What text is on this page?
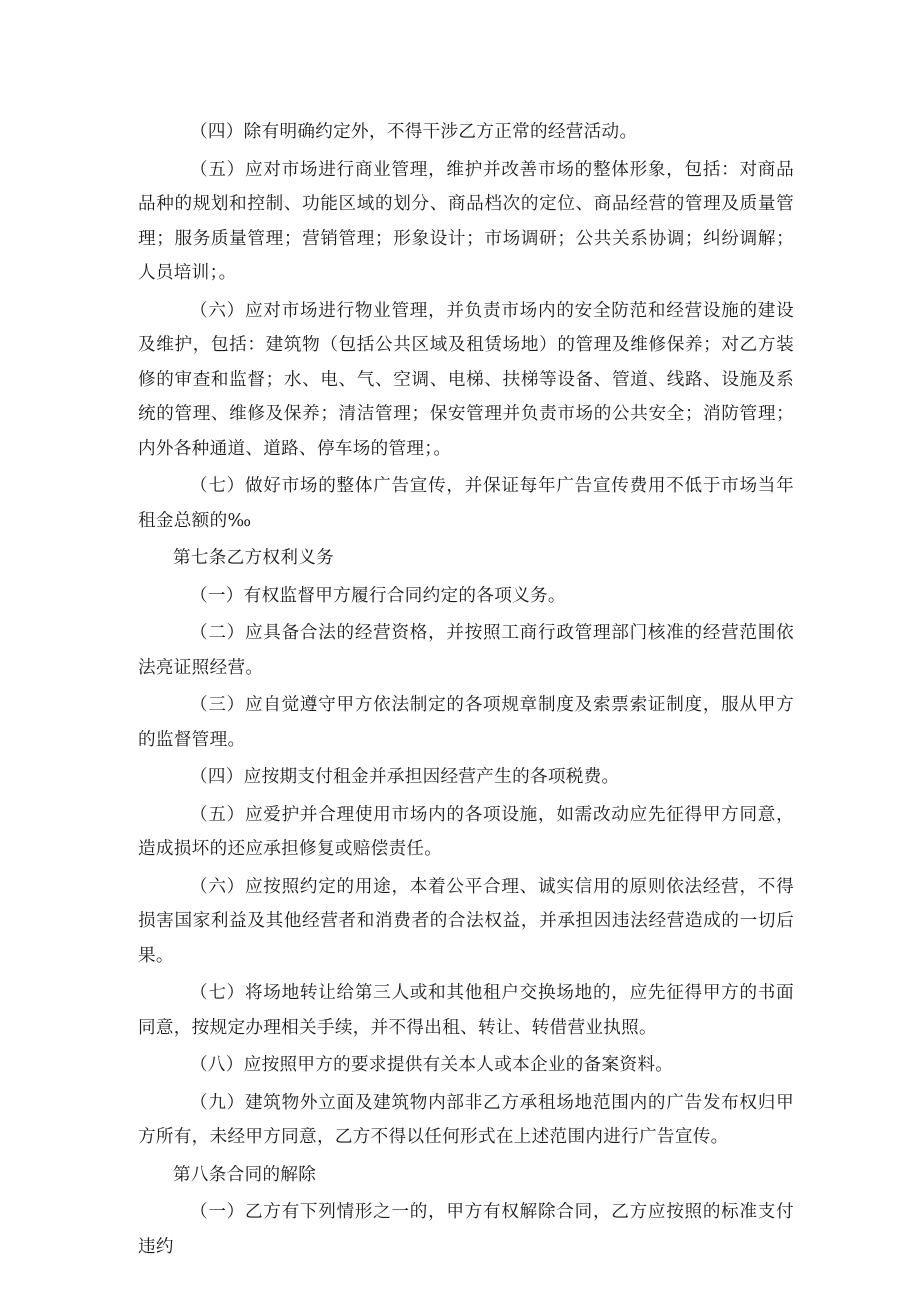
（四）除有明确约定外，不得干涉乙方正常的经营活动。

（五）应对市场进行商业管理，维护并改善市场的整体形象，包括：对商品品种的规划和控制、功能区域的划分、商品档次的定位、商品经营的管理及质量管理；服务质量管理；营销管理；形象设计；市场调研；公共关系协调；纠纷调解；人员培训；。

（六）应对市场进行物业管理，并负责市场内的安全防范和经营设施的建设及维护，包括：建筑物（包括公共区域及租赁场地）的管理及维修保养；对乙方装修的审查和监督；水、电、气、空调、电梯、扶梯等设备、管道、线路、设施及系统的管理、维修及保养；清洁管理；保安管理并负责市场的公共安全；消防管理；内外各种通道、道路、停车场的管理；。

（七）做好市场的整体广告宣传，并保证每年广告宣传费用不低于市场当年租金总额的‰

第七条乙方权利义务

（一）有权监督甲方履行合同约定的各项义务。

（二）应具备合法的经营资格，并按照工商行政管理部门核准的经营范围依法亮证照经营。

（三）应自觉遵守甲方依法制定的各项规章制度及索票索证制度，服从甲方的监督管理。

（四）应按期支付租金并承担因经营产生的各项税费。

（五）应爱护并合理使用市场内的各项设施，如需改动应先征得甲方同意，造成损坏的还应承担修复或赔偿责任。

（六）应按照约定的用途，本着公平合理、诚实信用的原则依法经营，不得损害国家利益及其他经营者和消费者的合法权益，并承担因违法经营造成的一切后果。

（七）将场地转让给第三人或和其他租户交换场地的，应先征得甲方的书面同意，按规定办理相关手续，并不得出租、转让、转借营业执照。

（八）应按照甲方的要求提供有关本人或本企业的备案资料。

（九）建筑物外立面及建筑物内部非乙方承租场地范围内的广告发布权归甲方所有，未经甲方同意，乙方不得以任何形式在上述范围内进行广告宣传。

第八条合同的解除

（一）乙方有下列情形之一的，甲方有权解除合同，乙方应按照的标准支付违约
